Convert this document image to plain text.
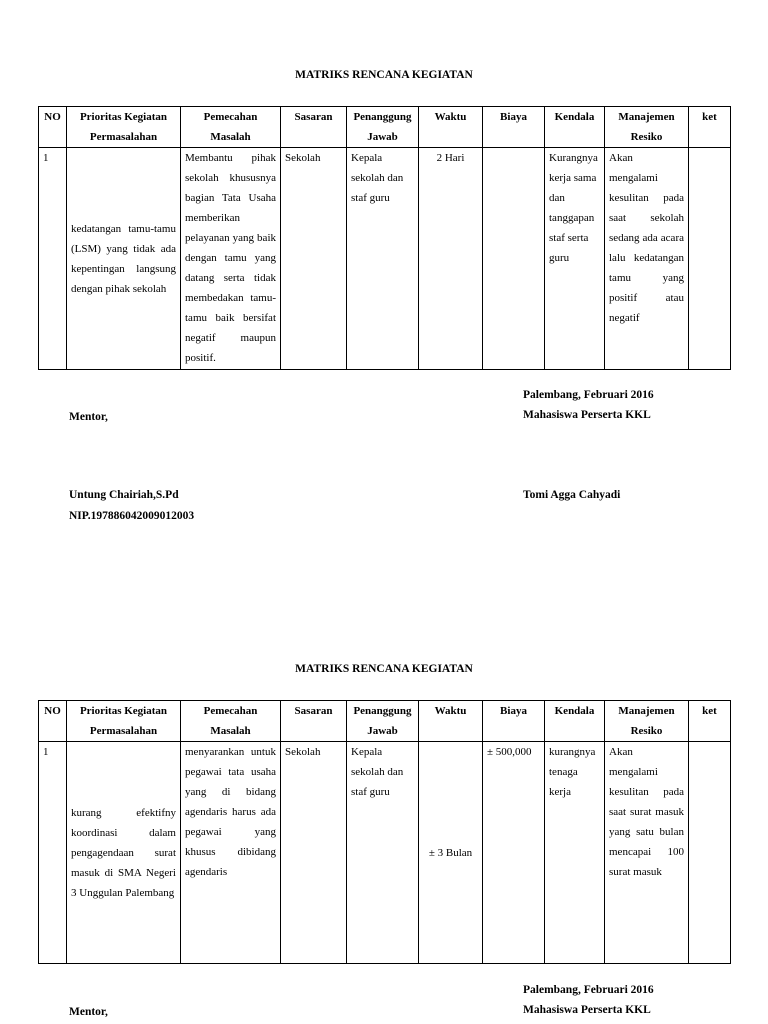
MATRIKS RENCANA KEGIATAN
NO	Prioritas Kegiatan Permasalahan	Pemecahan Masalah	Sasaran	Penanggung Jawab	Waktu	Biaya	Kendala	Manajemen Resiko	ket
1	kedatangan tamu-tamu (LSM) yang tidak ada kepentingan langsung dengan pihak sekolah	Membantu pihak sekolah khususnya bagian Tata Usaha memberikan pelayanan yang baik dengan tamu yang datang serta tidak membedakan tamu-tamu baik bersifat negatif maupun positif.	Sekolah	Kepala sekolah dan staf guru	2 Hari		Kurangnya kerja sama dan tanggapan staf serta guru	Akan mengalami kesulitan pada saat sekolah sedang ada acara lalu kedatangan tamu yang positif atau negatif	
Palembang, Februari 2016
Mahasiswa Perserta KKL
Mentor,
Untung Chairiah,S.Pd	Tomi Agga Cahyadi
NIP.197886042009012003
MATRIKS RENCANA KEGIATAN
NO	Prioritas Kegiatan Permasalahan	Pemecahan Masalah	Sasaran	Penanggung Jawab	Waktu	Biaya	Kendala	Manajemen Resiko	ket
1	kurang efektifny koordinasi dalam pengagendaan surat masuk di SMA Negeri 3 Unggulan Palembang	menyarankan untuk pegawai tata usaha yang di bidang agendaris harus ada pegawai yang khusus dibidang agendaris	Sekolah	Kepala sekolah dan staf guru	± 3 Bulan	± 500,000	kurangnya tenaga kerja	Akan mengalami kesulitan pada saat surat masuk yang satu bulan mencapai 100 surat masuk	
Palembang, Februari 2016
Mahasiswa Perserta KKL
Mentor,
